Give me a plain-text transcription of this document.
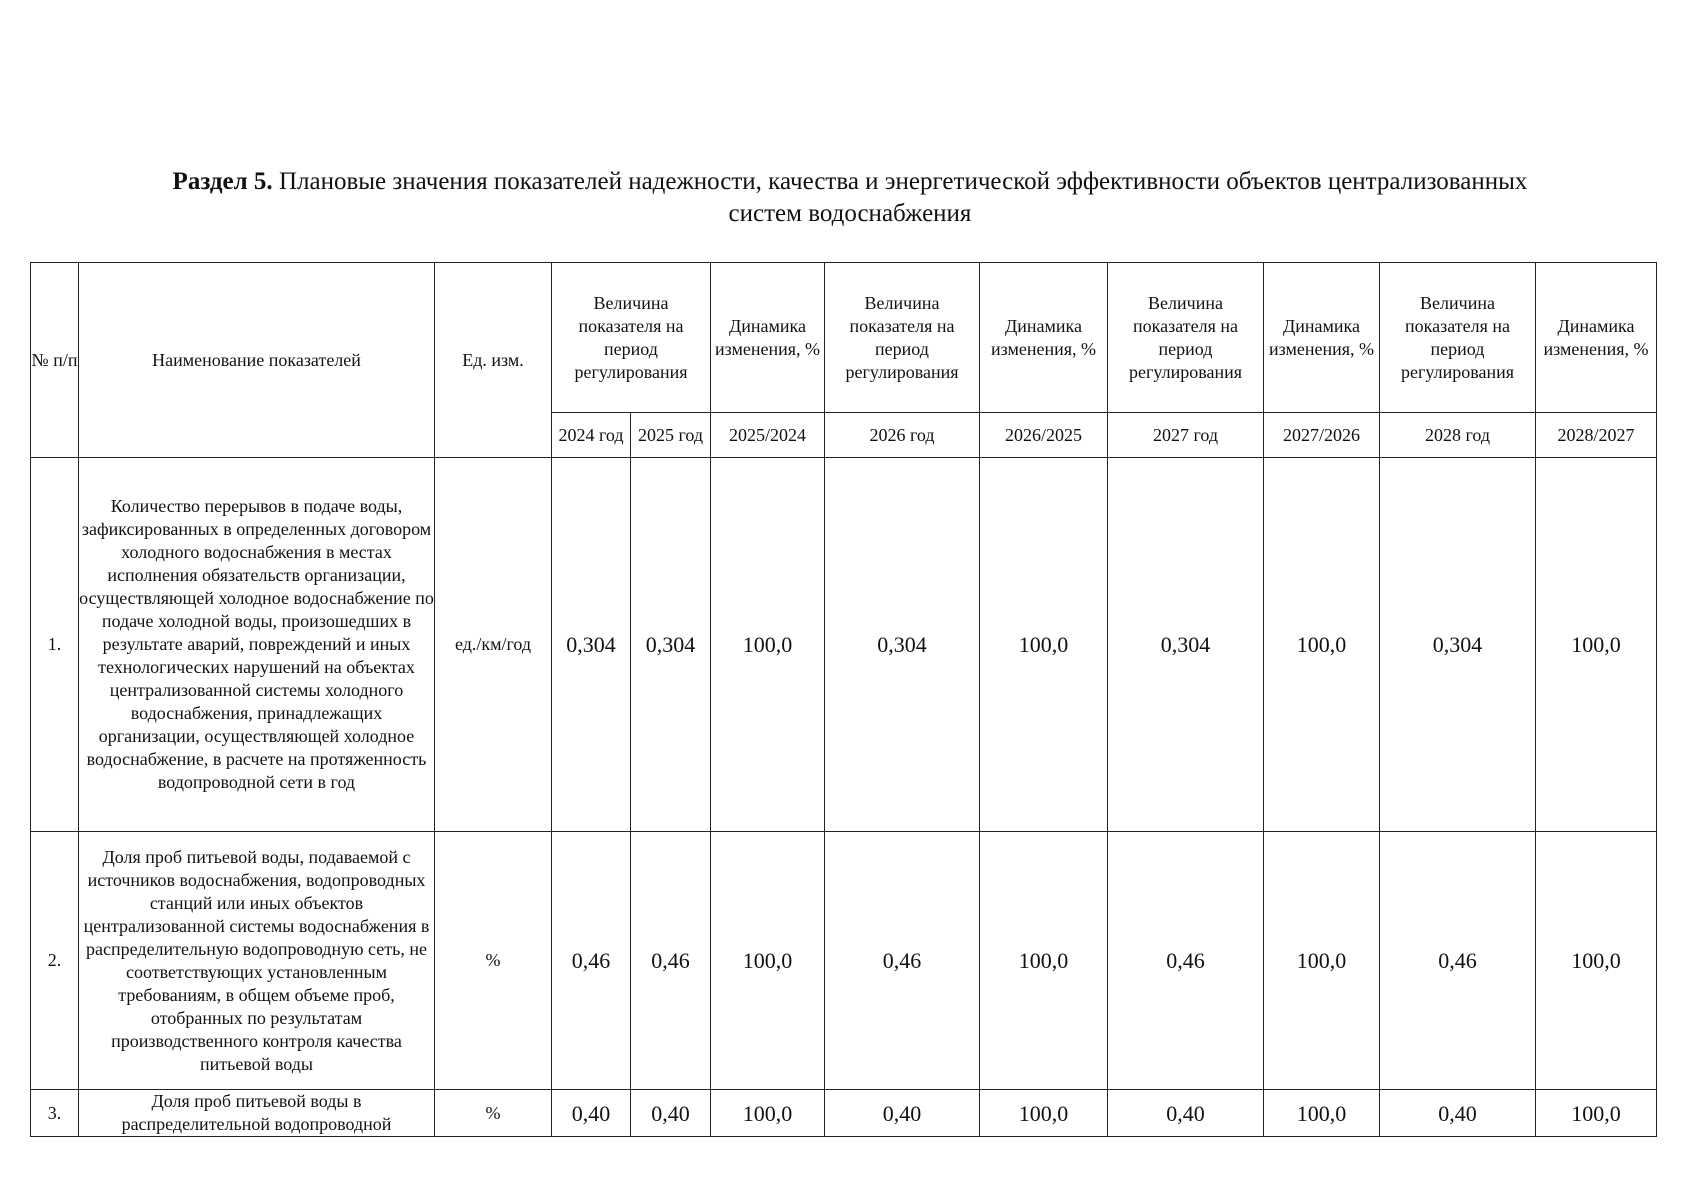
Раздел 5. Плановые значения показателей надежности, качества и энергетической эффективности объектов централизованных
систем водоснабжения
№ п/п	Наименование показателей	Ед. изм.	Величина показателя на период регулирования		Динамика изменения, %	Величина показателя на период регулирования	Динамика изменения, %	Величина показателя на период регулирования	Динамика изменения, %	Величина показателя на период регулирования	Динамика изменения, %
			2024 год	2025 год	2025/2024	2026 год	2026/2025	2027 год	2027/2026	2028 год	2028/2027
1.	Количество перерывов в подаче воды, зафиксированных в определенных договором холодного водоснабжения в местах исполнения обязательств организации, осуществляющей холодное водоснабжение по подаче холодной воды, произошедших в результате аварий, повреждений и иных технологических нарушений на объектах централизованной системы холодного водоснабжения, принадлежащих организации, осуществляющей холодное водоснабжение, в расчете на протяженность водопроводной сети в год	ед./км/год	0,304	0,304	100,0	0,304	100,0	0,304	100,0	0,304	100,0
2.	Доля проб питьевой воды, подаваемой с источников водоснабжения, водопроводных станций или иных объектов централизованной системы водоснабжения в распределительную водопроводную сеть, не соответствующих установленным требованиям, в общем объеме проб, отобранных по результатам производственного контроля качества питьевой воды	%	0,46	0,46	100,0	0,46	100,0	0,46	100,0	0,46	100,0
3.	Доля проб питьевой воды в распределительной водопроводной	%	0,40	0,40	100,0	0,40	100,0	0,40	100,0	0,40	100,0
